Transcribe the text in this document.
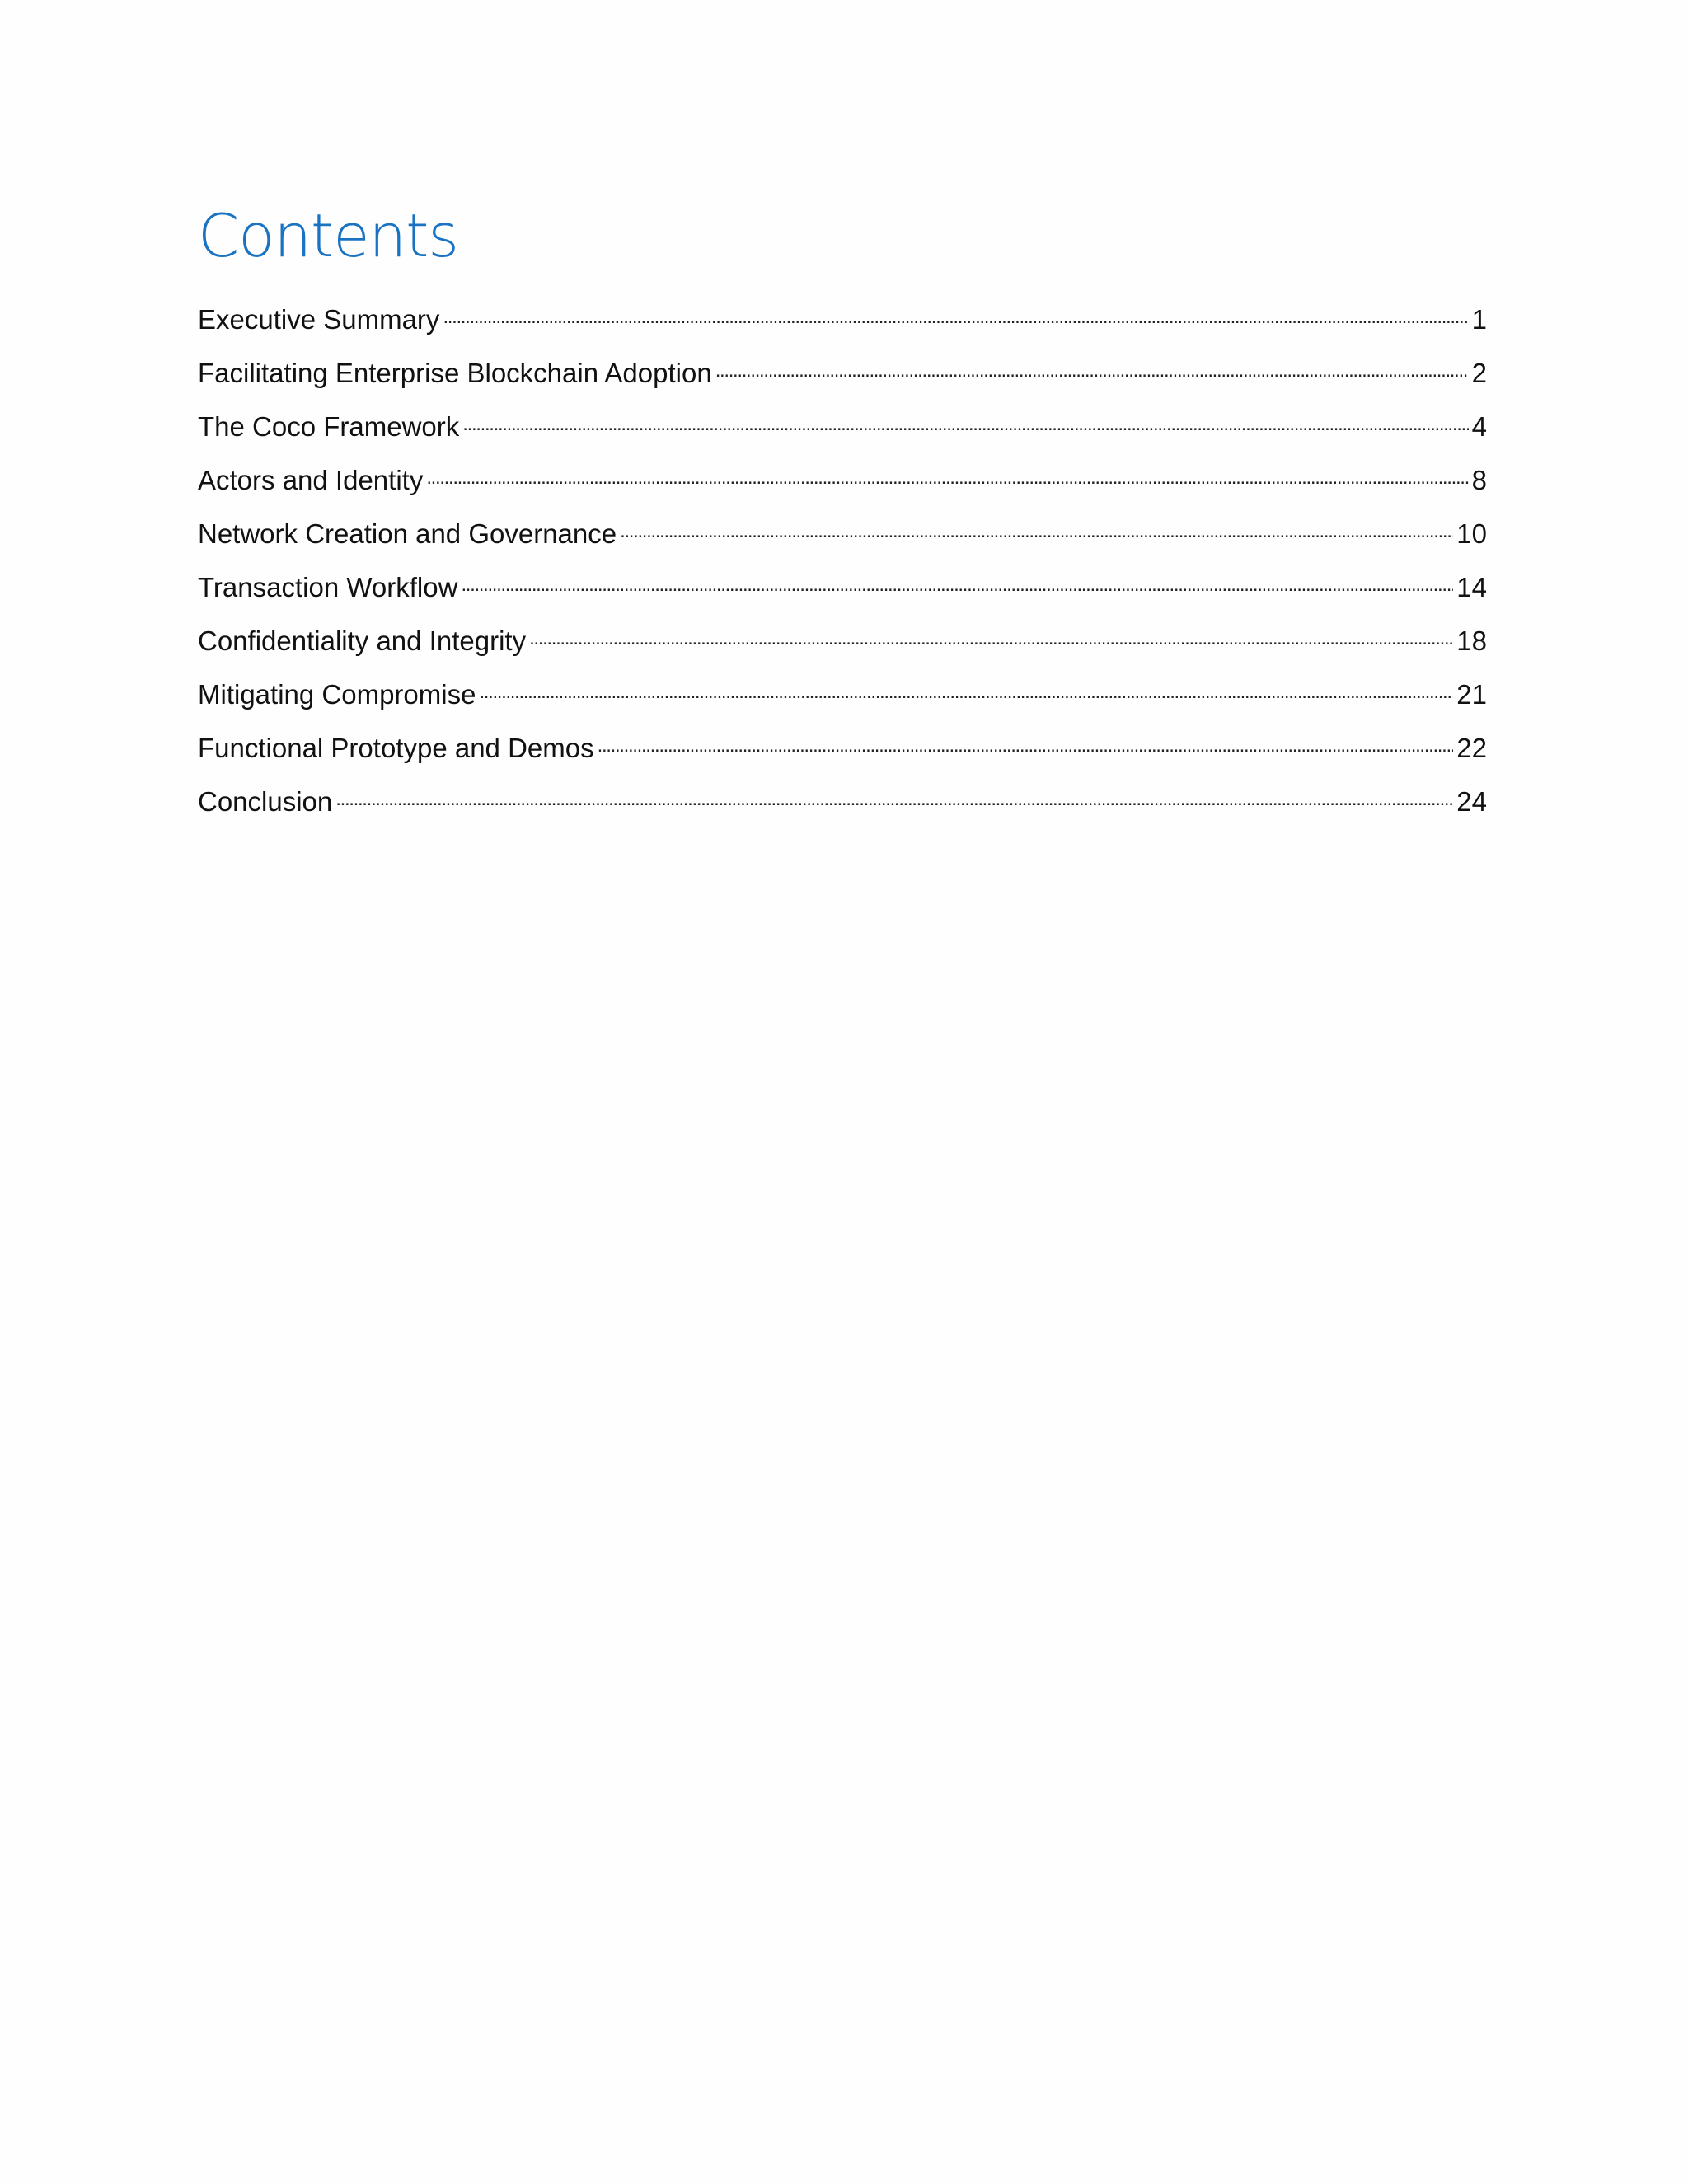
Contents
Executive Summary . . .	1
Facilitating Enterprise Blockchain Adoption . . .	2
The Coco Framework . . .	4
Actors and Identity . . .	8
Network Creation and Governance . . .	10
Transaction Workflow . . .	14
Confidentiality and Integrity . . .	18
Mitigating Compromise . . .	21
Functional Prototype and Demos . . .	22
Conclusion . . .	24
